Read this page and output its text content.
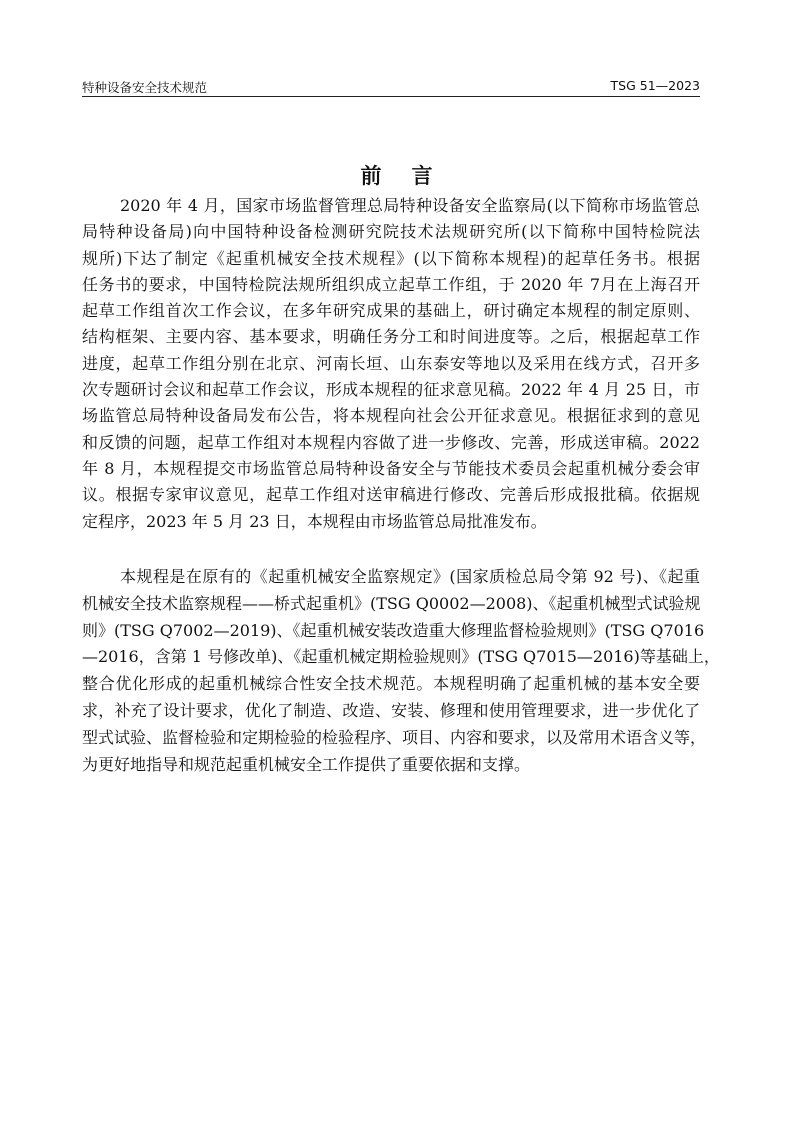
特种设备安全技术规范	TSG 51—2023
前言
2020 年 4 月，国家市场监督管理总局特种设备安全监察局(以下简称市场监管总
局特种设备局)向中国特种设备检测研究院技术法规研究所(以下简称中国特检院法
规所)下达了制定《起重机械安全技术规程》(以下简称本规程)的起草任务书。根据
任务书的要求，中国特检院法规所组织成立起草工作组，于 2020 年 7月在上海召开
起草工作组首次工作会议，在多年研究成果的基础上，研讨确定本规程的制定原则、
结构框架、主要内容、基本要求，明确任务分工和时间进度等。之后，根据起草工作
进度，起草工作组分别在北京、河南长垣、山东泰安等地以及采用在线方式，召开多
次专题研讨会议和起草工作会议，形成本规程的征求意见稿。2022 年 4 月 25 日，市
场监管总局特种设备局发布公告，将本规程向社会公开征求意见。根据征求到的意见
和反馈的问题，起草工作组对本规程内容做了进一步修改、完善，形成送审稿。2022
年 8 月，本规程提交市场监管总局特种设备安全与节能技术委员会起重机械分委会审
议。根据专家审议意见，起草工作组对送审稿进行修改、完善后形成报批稿。依据规
定程序，2023 年 5 月 23 日，本规程由市场监管总局批准发布。
本规程是在原有的《起重机械安全监察规定》(国家质检总局令第 92 号)、《起重
机械安全技术监察规程——桥式起重机》(TSG Q0002—2008)、《起重机械型式试验规
则》(TSG Q7002—2019)、《起重机械安装改造重大修理监督检验规则》(TSG Q7016
—2016，含第 1 号修改单)、《起重机械定期检验规则》(TSG Q7015—2016)等基础上，
整合优化形成的起重机械综合性安全技术规范。本规程明确了起重机械的基本安全要
求，补充了设计要求，优化了制造、改造、安装、修理和使用管理要求，进一步优化了
型式试验、监督检验和定期检验的检验程序、项目、内容和要求，以及常用术语含义等，
为更好地指导和规范起重机械安全工作提供了重要依据和支撑。
